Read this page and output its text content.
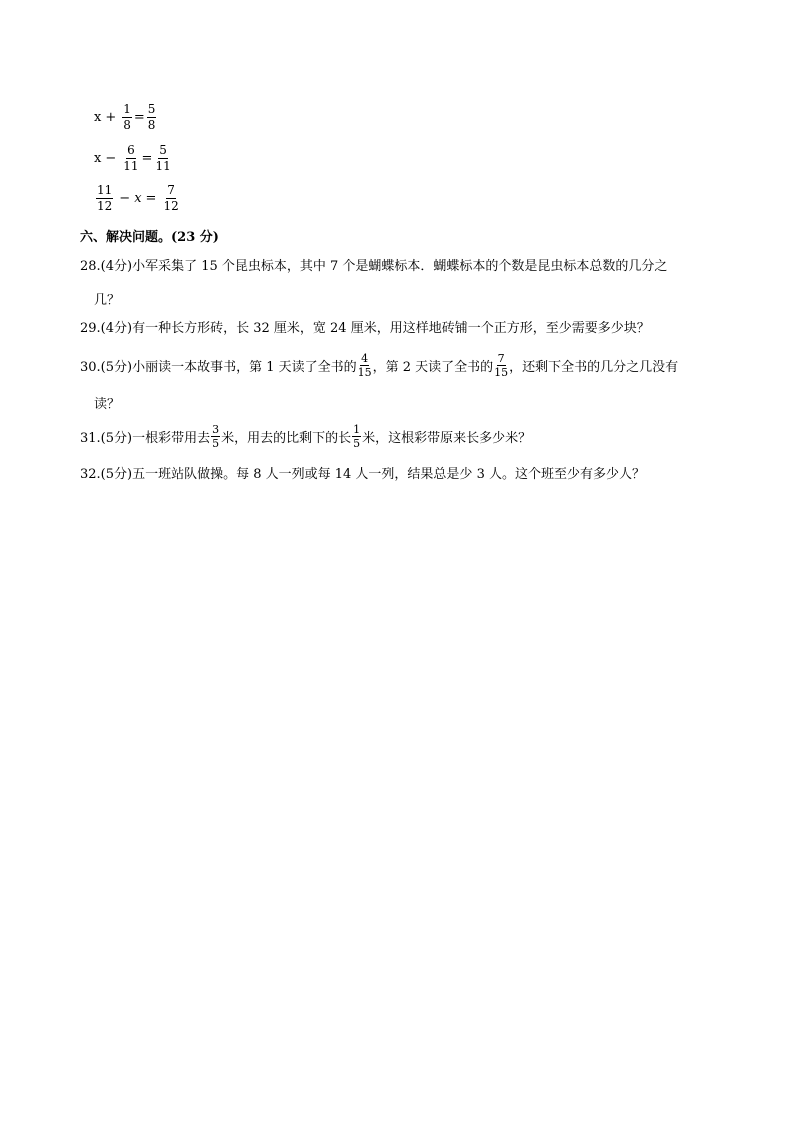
$x + \frac{1}{8} = \frac{5}{8}$
$x - \frac{6}{11} = \frac{5}{11}$
$\frac{11}{12} - x = \frac{7}{12}$
六、解决问题。(23 分)
28.(4分)小军采集了 15 个昆虫标本，其中 7 个是蝴蝶标本．蝴蝶标本的个数是昆虫标本总数的几分之
几？
29.(4分)有一种长方形砖，长 32 厘米，宽 24 厘米，用这样地砖铺一个正方形，至少需要多少块？
30.(5分)小丽读一本故事书，第 1 天读了全书的 $\frac{4}{15}$ ，第 2 天读了全书的 $\frac{7}{15}$ ，还剩下全书的几分之几没有
读？
31.(5分)一根彩带用去 $\frac{3}{5}$ 米，用去的比剩下的长 $\frac{1}{5}$ 米，这根彩带原来长多少米？
32.(5分)五一班站队做操。每 8 人一列或每 14 人一列，结果总是少 3 人。这个班至少有多少人？
